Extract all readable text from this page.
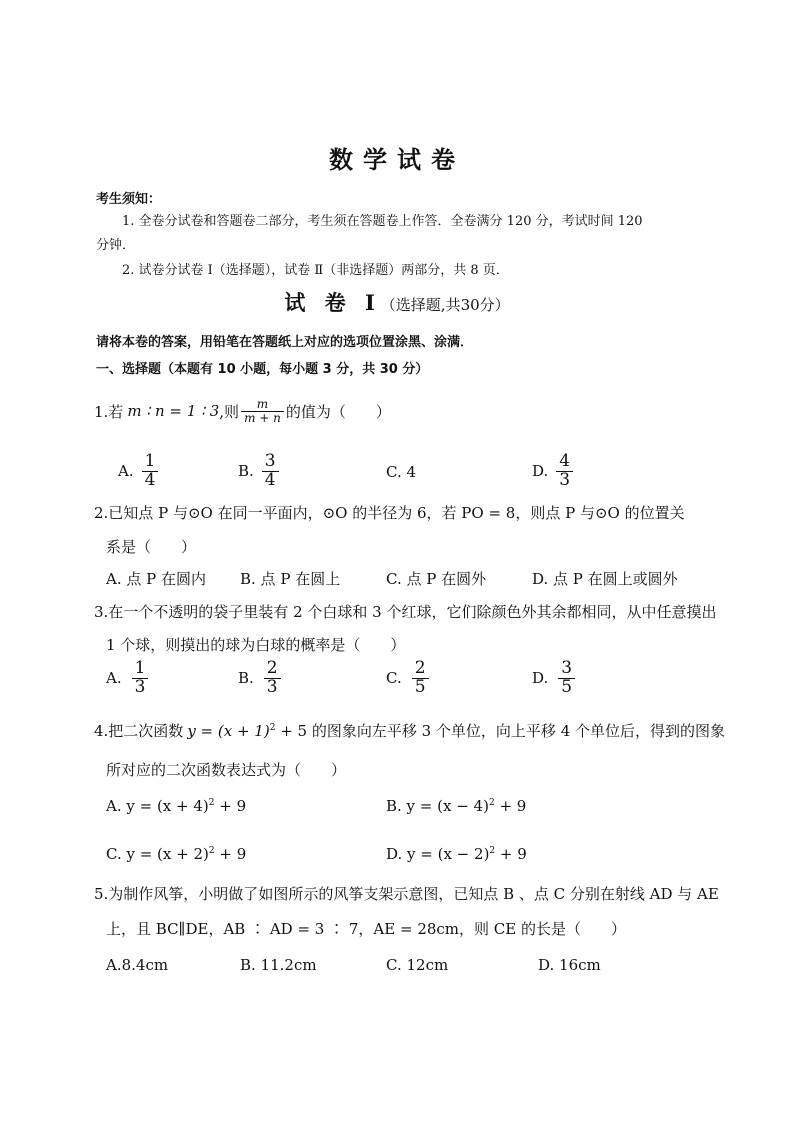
数学试卷
考生须知：
1. 全卷分试卷和答题卷二部分，考生须在答题卷上作答．全卷满分 120 分，考试时间 120
分钟．
2. 试卷分试卷 Ⅰ（选择题），试卷 Ⅱ（非选择题）两部分，共 8 页．
试 卷 Ⅰ（选择题,共30分）
请将本卷的答案，用铅笔在答题纸上对应的选项位置涂黑、涂满．
一、选择题（本题有 10 小题，每小题 3 分，共 30 分）
1.若 m ∶ n = 1 ∶ 3 ,则 $\frac{m}{m + n}$ 的值为（　　）
A. $\frac{1}{4}$	B. $\frac{3}{4}$	C. 4	D. $\frac{4}{3}$
2.已知点 P 与⊙O 在同一平面内，⊙O 的半径为 6，若 PO = 8，则点 P 与⊙O 的位置关
系是（　　）
A. 点 P 在圆内 B. 点 P 在圆上	C. 点 P 在圆外	D. 点 P 在圆上或圆外
3.在一个不透明的袋子里装有 2 个白球和 3 个红球，它们除颜色外其余都相同，从中任意摸出
1 个球，则摸出的球为白球的概率是（　　）
A. $\frac{1}{3}$	B. $\frac{2}{3}$	C. $\frac{2}{5}$	D. $\frac{3}{5}$
4.把二次函数 $y = (x + 1)^2 + 5$ 的图象向左平移 3 个单位，向上平移 4 个单位后，得到的图象
所对应的二次函数表达式为（　　）
A. $y = (x + 4)^2 + 9$	B. $y = (x - 4)^2 + 9$
C. $y = (x + 2)^2 + 9$	D. $y = (x - 2)^2 + 9$
5.为制作风筝，小明做了如图所示的风筝支架示意图，已知点 B 、点 C 分别在射线 AD 与 AE
上，且 BC∥DE，AB ∶ AD = 3 ∶ 7，AE = 28cm，则 CE 的长是（　　）
A.8.4cm	B. 11.2cm	C. 12cm	D. 16cm
